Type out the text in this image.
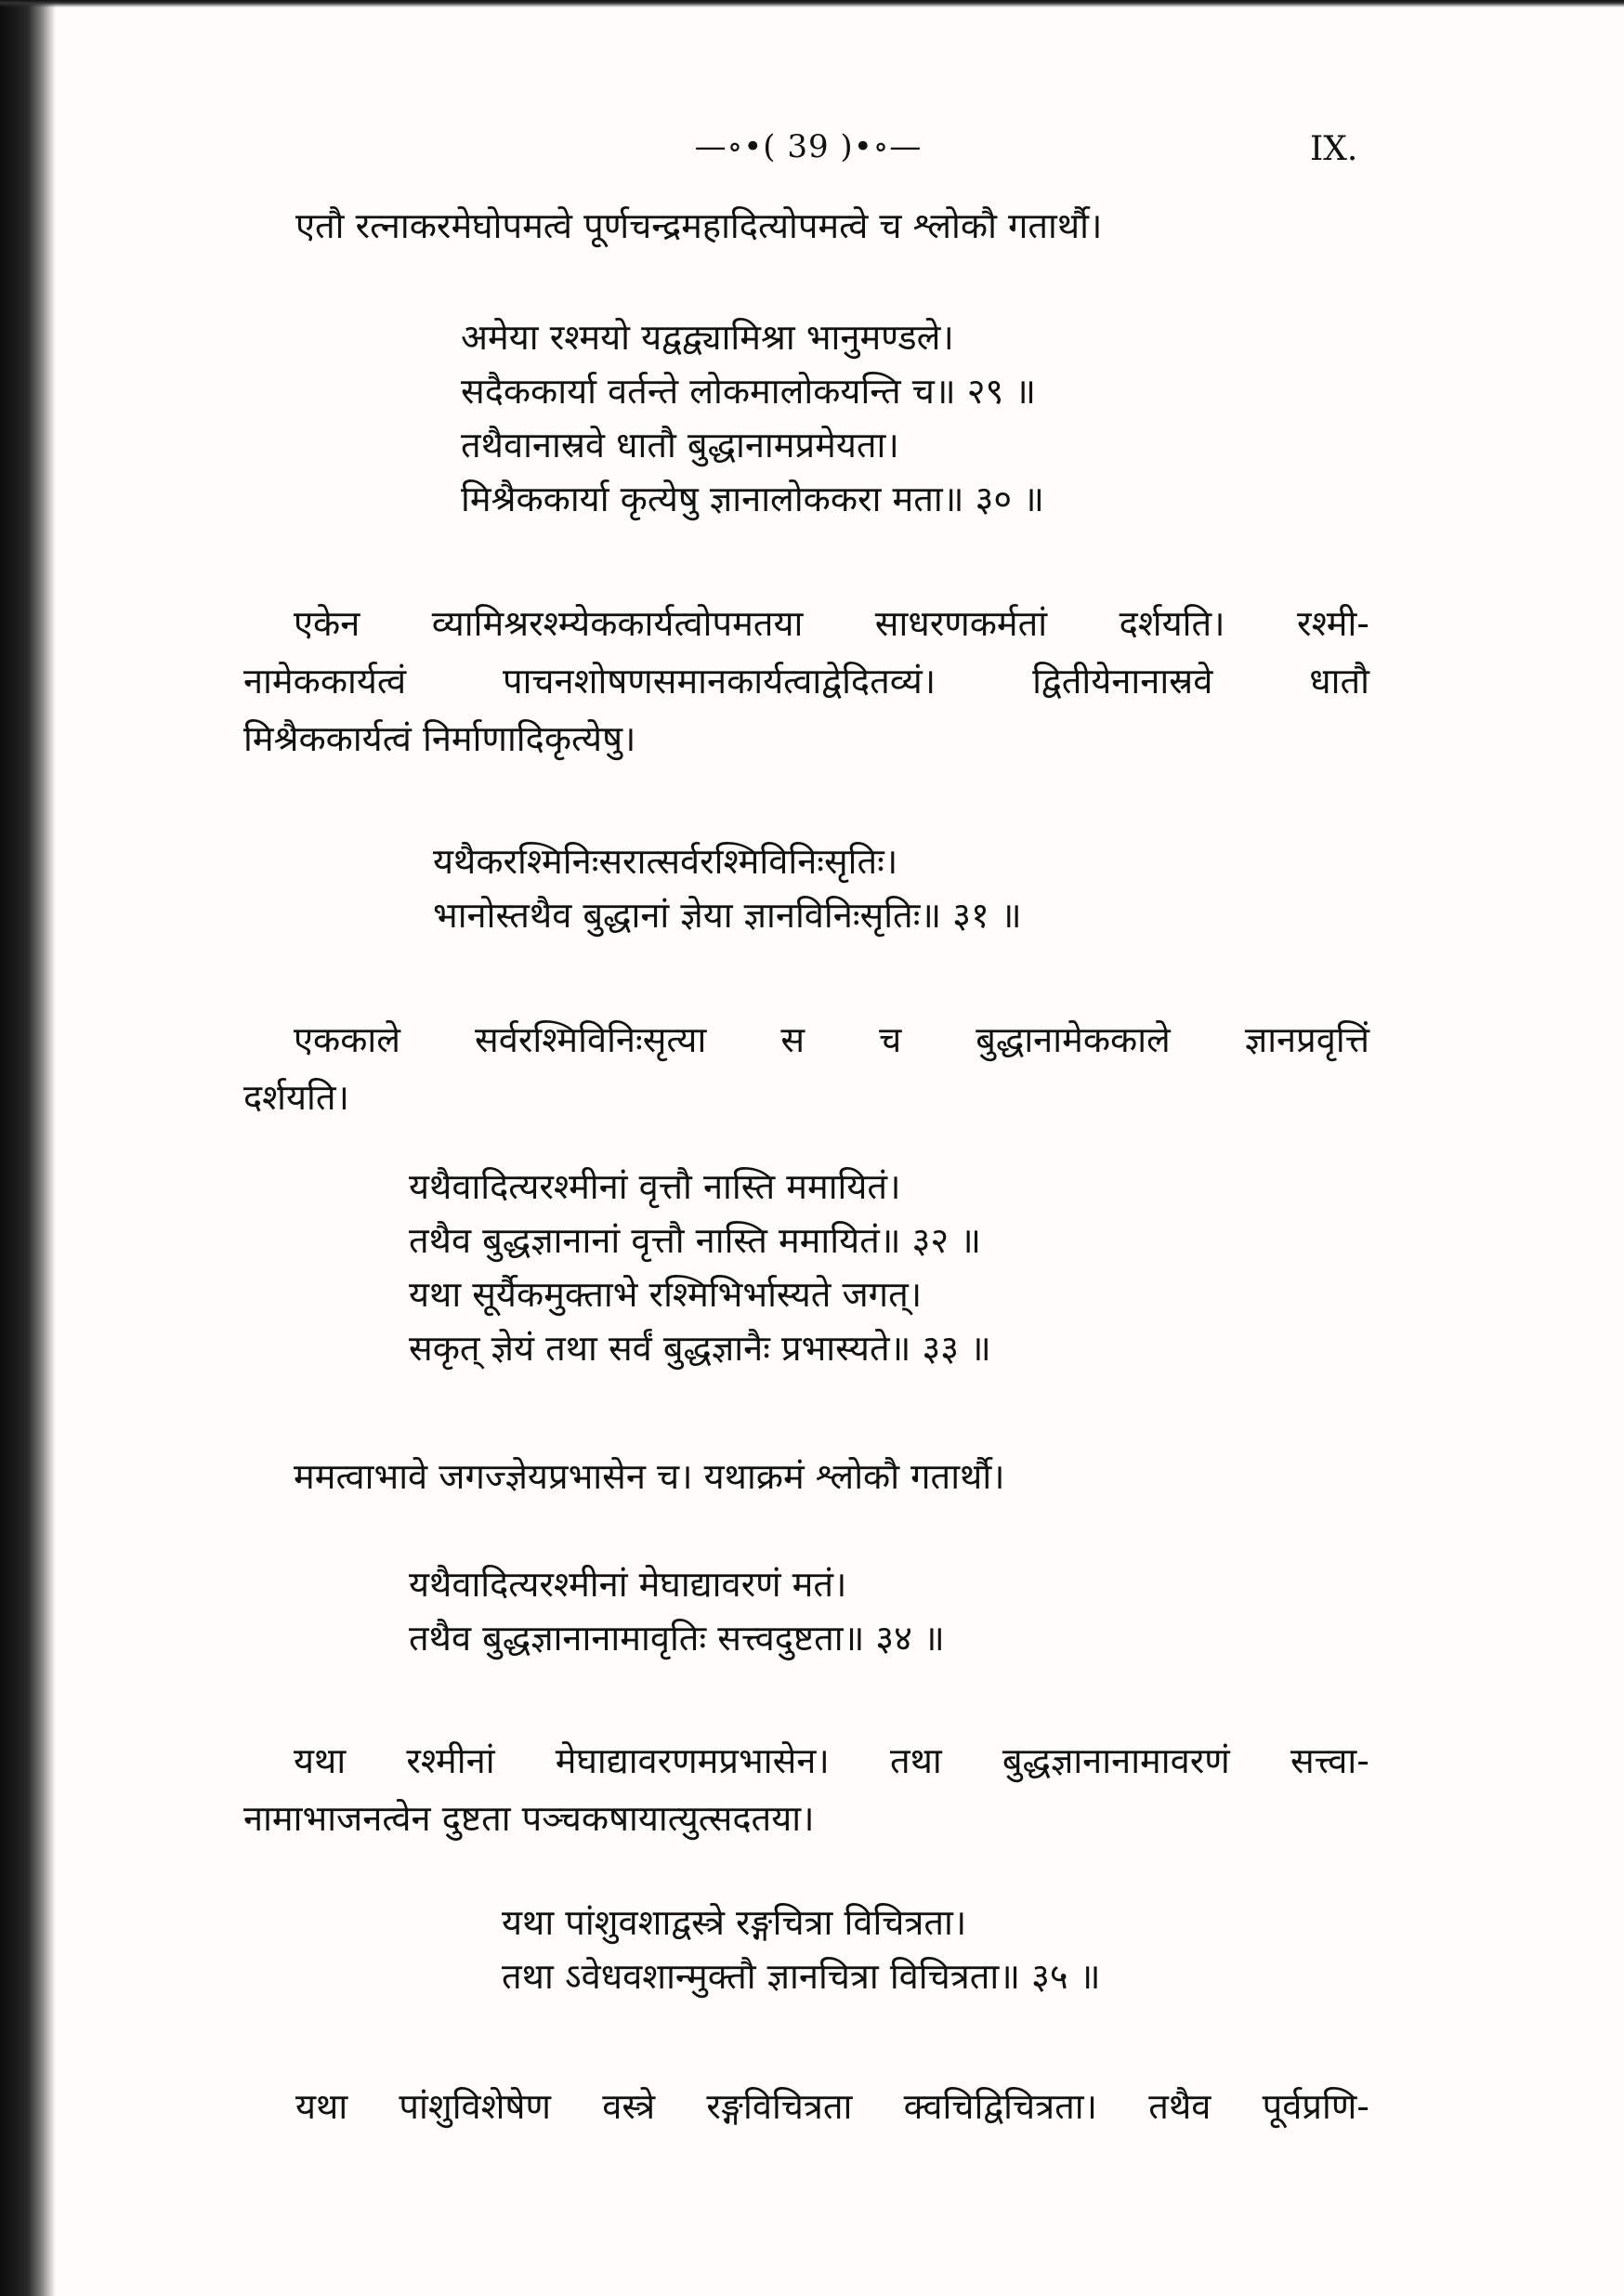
—∘•( 39 )•∘—	IX.
एतौ रत्नाकरमेघोपमत्वे पूर्णचन्द्रमहादित्योपमत्वे च श्लोकौ गतार्थौ।
अमेया रश्मयो यद्वद्व्यामिश्रा भानुमण्डले।
सदैककार्या वर्तन्ते लोकमालोकयन्ति च॥ २९ ॥
तथैवानास्रवे धातौ बुद्धानामप्रमेयता।
मिश्रैककार्या कृत्येषु ज्ञानालोककरा मता॥ ३० ॥
एकेन व्यामिश्ररश्म्येककार्यत्वोपमतया साधरणकर्मतां दर्शयति। रश्मी-
नामेककार्यत्वं पाचनशोषणसमानकार्यत्वाद्वेदितव्यं। द्वितीयेनानास्रवे धातौ
मिश्रैककार्यत्वं निर्माणादिकृत्येषु।
यथैकरश्मिनिःसरात्सर्वरश्मिविनिःसृतिः।
भानोस्तथैव बुद्धानां ज्ञेया ज्ञानविनिःसृतिः॥ ३१ ॥
एककाले सर्वरश्मिविनिःसृत्या स च बुद्धानामेककाले ज्ञानप्रवृत्तिं
दर्शयति।
यथैवादित्यरश्मीनां वृत्तौ नास्ति ममायितं।
तथैव बुद्धज्ञानानां वृत्तौ नास्ति ममायितं॥ ३२ ॥
यथा सूर्यैकमुक्ताभे रश्मिभिर्भास्यते जगत्।
सकृत् ज्ञेयं तथा सर्वं बुद्धज्ञानैः प्रभास्यते॥ ३३ ॥
ममत्वाभावे जगज्ज्ञेयप्रभासेन च। यथाक्रमं श्लोकौ गतार्थौ।
यथैवादित्यरश्मीनां मेघाद्यावरणं मतं।
तथैव बुद्धज्ञानानामावृतिः सत्त्वदुष्टता॥ ३४ ॥
यथा रश्मीनां मेघाद्यावरणमप्रभासेन। तथा बुद्धज्ञानानामावरणं सत्त्वा-
नामाभाजनत्वेन दुष्टता पञ्चकषायात्युत्सदतया।
यथा पांशुवशाद्वस्त्रे रङ्गचित्रा विचित्रता।
तथा ऽवेधवशान्मुक्तौ ज्ञानचित्रा विचित्रता॥ ३५ ॥
यथा पांशुविशेषेण वस्त्रे रङ्गविचित्रता क्वचिद्विचित्रता। तथैव पूर्वप्रणि-
